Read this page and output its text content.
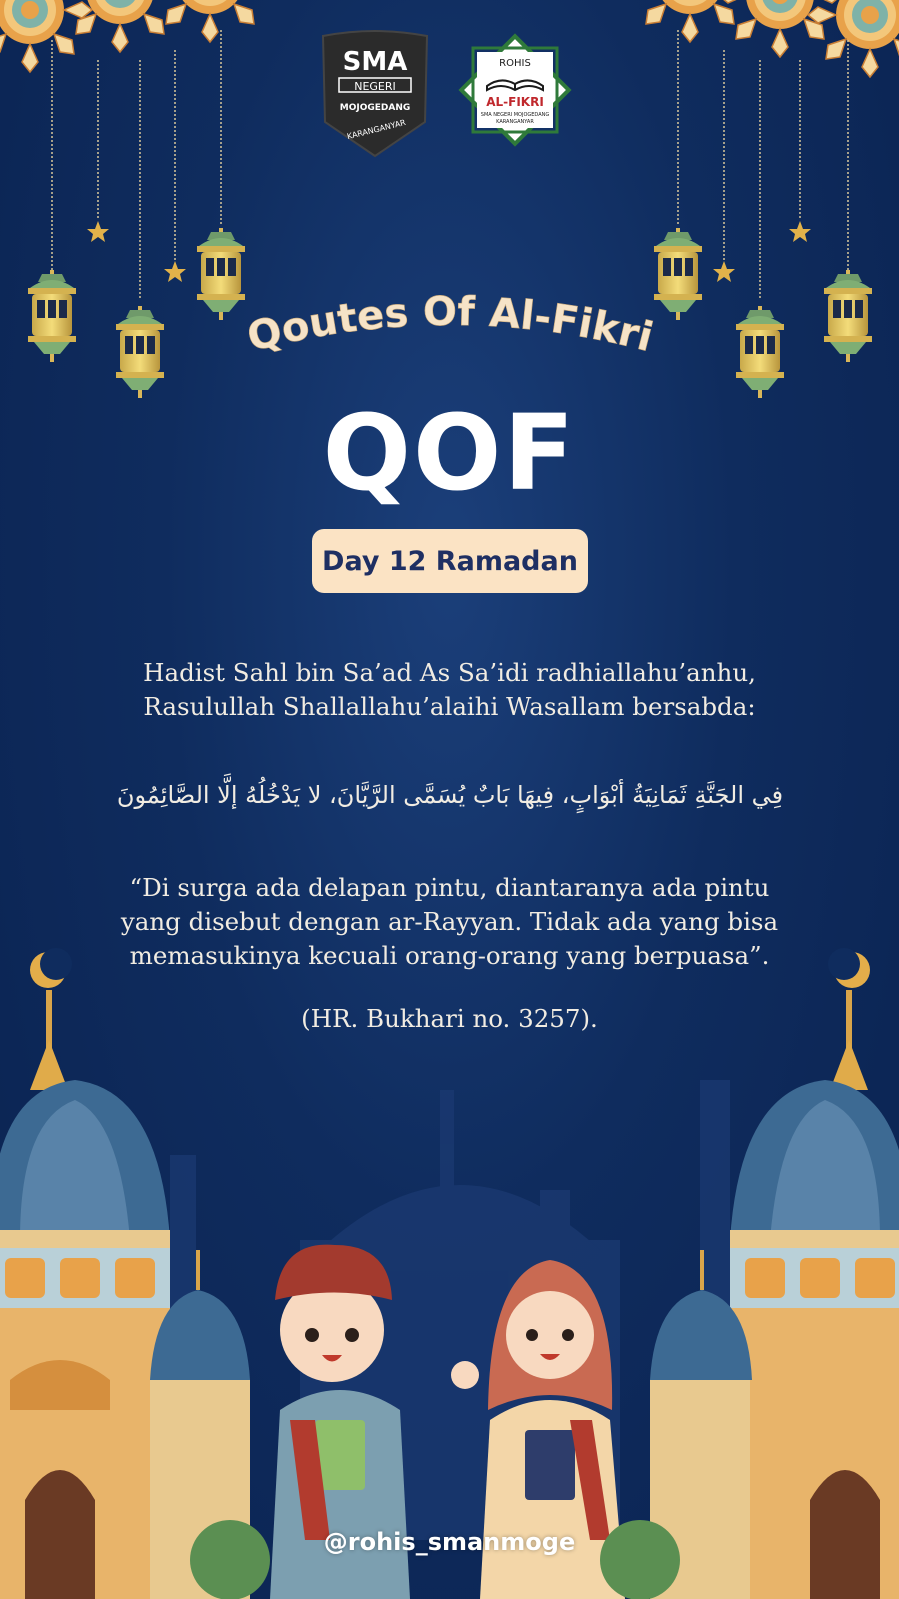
SMA
NEGERI
MOJOGEDANG
KARANGANYAR
ROHIS
AL-FIKRI
SMA NEGERI MOJOGEDANG
KARANGANYAR
Qoutes Of Al-Fikri
QOF
Day 12 Ramadan
Hadist Sahl bin Sa’ad As Sa’idi radhiallahu’anhu,
Rasulullah Shallallahu’alaihi Wasallam bersabda:
فِي الجَنَّةِ ثَمَانِيَةُ أبْوَابٍ، فِيهَا بَابٌ يُسَمَّى الرَّيَّانَ، لا يَدْخُلُهُ إلَّا الصَّائِمُونَ
“Di surga ada delapan pintu, diantaranya ada pintu
yang disebut dengan ar-Rayyan. Tidak ada yang bisa
memasukinya kecuali orang-orang yang berpuasa”.
(HR. Bukhari no. 3257).
@rohis_smanmoge
